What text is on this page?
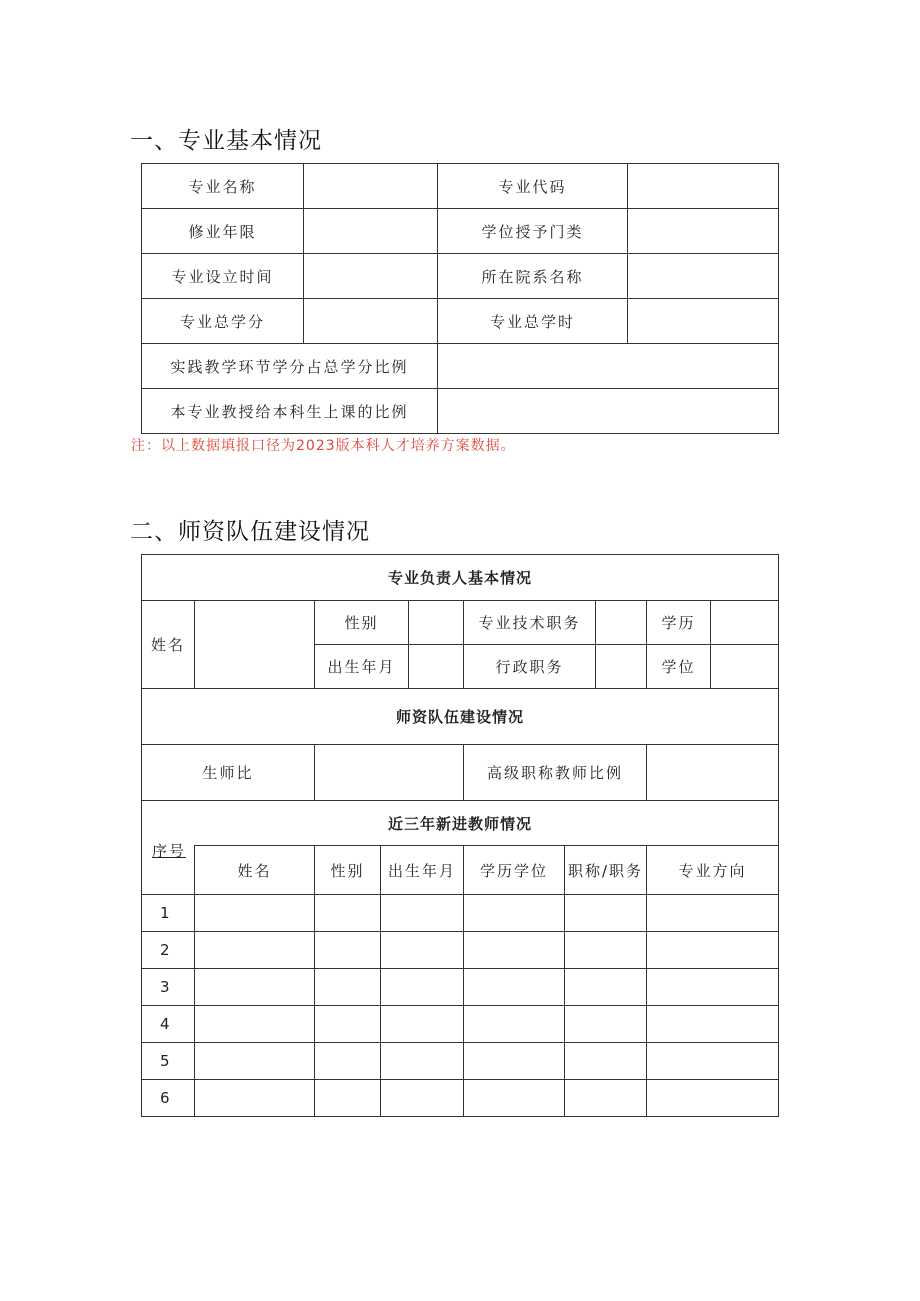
一、专业基本情况
专业名称		专业代码	
修业年限		学位授予门类	
专业设立时间		所在院系名称	
专业总学分		专业总学时	
实践教学环节学分占总学分比例			
本专业教授给本科生上课的比例			
注：以上数据填报口径为2023版本科人才培养方案数据。
二、师资队伍建设情况
专业负责人基本情况									
姓名		性别			专业技术职务			学历	
		出生年月			行政职务			学位	
师资队伍建设情况									
生师比					高级职称教师比例				
近三年新进教师情况									

序号	姓名	性别	出生年月		学历学位	职称/职务		专业方向	
1									
2									
3									
4									
5									
6									
